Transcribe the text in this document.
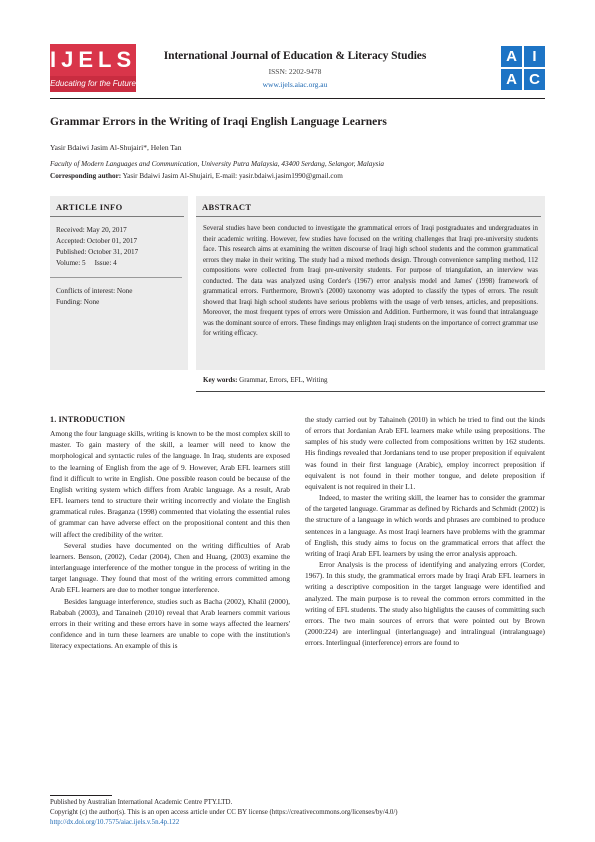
IJELS
Educating for the Future
International Journal of Education & Literacy Studies
ISSN: 2202-9478
www.ijels.aiac.org.au
A	I
A C
Grammar Errors in the Writing of Iraqi English Language Learners
Yasir Bdaiwi Jasim Al-Shujairi*, Helen Tan
Faculty of Modern Languages and Communication, University Putra Malaysia, 43400 Serdang, Selangor, Malaysia
Corresponding author: Yasir Bdaiwi Jasim Al-Shujairi, E-mail: yasir.bdaiwi.jasim1990@gmail.com
ARTICLE INFO
Received: May 20, 2017
Accepted: October 01, 2017
Published: October 31, 2017
Volume: 5     Issue: 4
Conflicts of interest: None
Funding: None
ABSTRACT
Several studies have been conducted to investigate the grammatical errors of Iraqi postgraduates and undergraduates in their academic writing. However, few studies have focused on the writing challenges that Iraqi pre-university students face. This research aims at examining the written discourse of Iraqi high school students and the common grammatical errors they make in their writing. The study had a mixed methods design. Through convenience sampling method, 112 compositions were collected from Iraqi pre-university students. For purpose of triangulation, an interview was conducted. The data was analyzed using Corder's (1967) error analysis model and James' (1998) framework of grammatical errors. Furthermore, Brown's (2000) taxonomy was adopted to classify the types of errors. The result showed that Iraqi high school students have serious problems with the usage of verb tenses, articles, and prepositions. Moreover, the most frequent types of errors were Omission and Addition. Furthermore, it was found that intralanguage was the dominant source of errors. These findings may enlighten Iraqi students on the importance of correct grammar use for writing efficacy.
Key words: Grammar, Errors, EFL, Writing
1. INTRODUCTION

Among the four language skills, writing is known to be the most complex skill to master. To gain mastery of the skill, a learner will need to know the morphological and syntactic rules of the language. In Iraq, students are exposed to the learning of English from the age of 9. However, Arab EFL learners still find it difficult to write in English. One possible reason could be because of the English writing system which differs from Arabic language. As a result, Arab EFL learners tend to structure their writing incorrectly and violate the English grammatical rules. Braganza (1998) commented that violating the essential rules of grammar can have adverse effect on the propositional content and this then will affect the credibility of the writer.

Several studies have documented on the writing difficulties of Arab learners. Benson, (2002), Cedar (2004), Chen and Huang, (2003) examine the interlanguage interference of the mother tongue in the process of writing in the target language. They found that most of the writing errors committed among Arab EFL learners are due to mother tongue interference.

Besides language interference, studies such as Bacha (2002), Khalil (2000), Rababah (2003), and Tanaineh (2010) reveal that Arab learners commit various errors in their writing and these errors have in some ways affected the learners' confidence and in turn these learners are unable to cope with the institution's literacy expectations. An example of this is

the study carried out by Tahaineh (2010) in which he tried to find out the kinds of errors that Jordanian Arab EFL learners make while using prepositions. The samples of his study were collected from compositions written by 162 students. His findings revealed that Jordanians tend to use proper preposition if equivalent was found in their first language (Arabic), employ incorrect preposition if equivalent is not found in their mother tongue, and delete preposition if equivalent is not required in their L1.

Indeed, to master the writing skill, the learner has to consider the grammar of the targeted language. Grammar as defined by Richards and Schmidt (2002) is the structure of a language in which words and phrases are combined to produce sentences in a language. As most Iraqi learners have problems with the grammar of English, this study aims to focus on the grammatical errors that affect the writing of Iraqi Arab EFL learners by using the error analysis approach.

Error Analysis is the process of identifying and analyzing errors (Corder, 1967). In this study, the grammatical errors made by Iraqi Arab EFL learners in writing a descriptive composition in the target language were identified and analyzed. The main purpose is to reveal the common errors committed in the writing of EFL students. The study also highlights the causes of committing such errors. The two main sources of errors that were pointed out by Brown (2000:224) are interlingual (interlanguage) and intralingual (intralanguage) errors. Interlingual (interference) errors are found to

Published by Australian International Academic Centre PTY.LTD.
Copyright (c) the author(s). This is an open access article under CC BY license (https://creativecommons.org/licenses/by/4.0/)
http://dx.doi.org/10.7575/aiac.ijels.v.5n.4p.122
